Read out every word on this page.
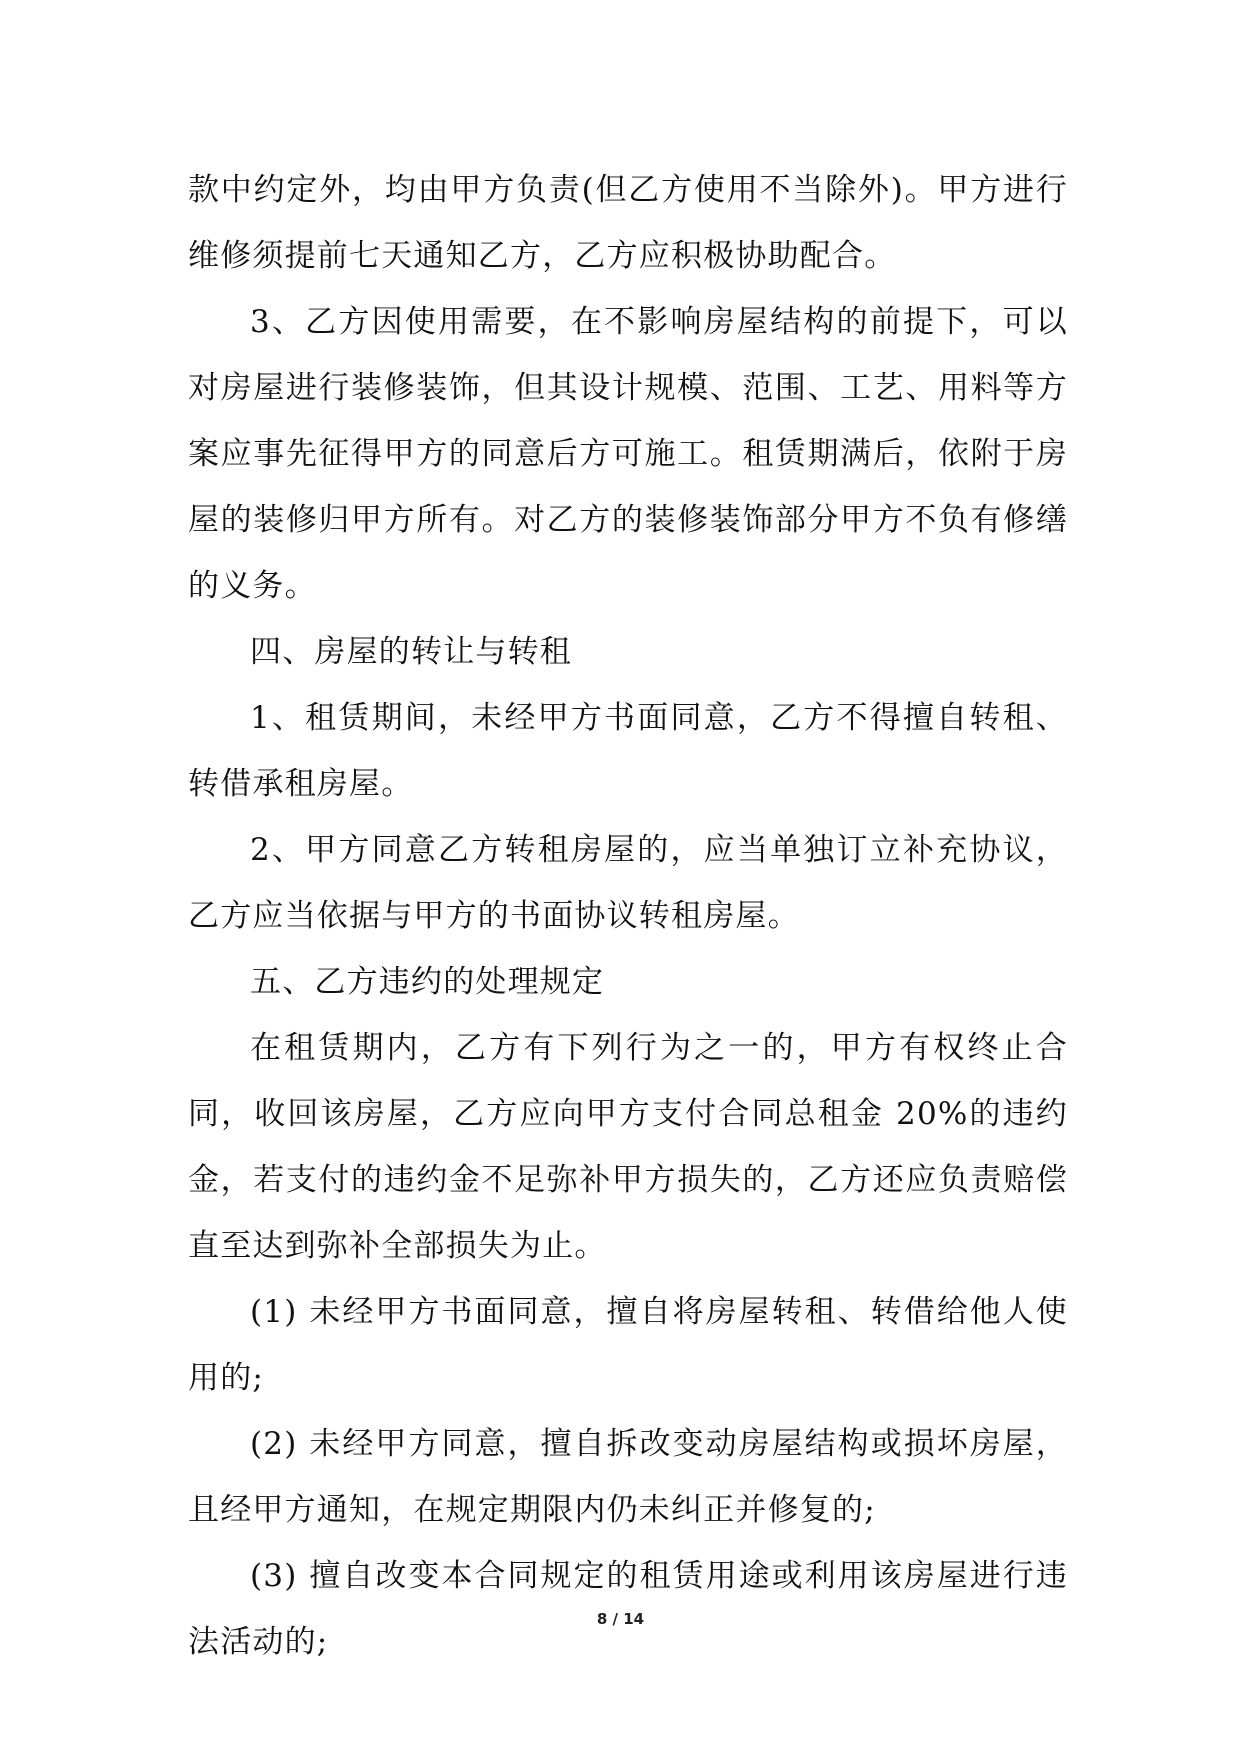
款中约定外，均由甲方负责(但乙方使用不当除外)。甲方进行维修须提前七天通知乙方，乙方应积极协助配合。

3、乙方因使用需要，在不影响房屋结构的前提下，可以对房屋进行装修装饰，但其设计规模、范围、工艺、用料等方案应事先征得甲方的同意后方可施工。租赁期满后，依附于房屋的装修归甲方所有。对乙方的装修装饰部分甲方不负有修缮的义务。

四、房屋的转让与转租

1、租赁期间，未经甲方书面同意，乙方不得擅自转租、转借承租房屋。

2、甲方同意乙方转租房屋的，应当单独订立补充协议，乙方应当依据与甲方的书面协议转租房屋。

五、乙方违约的处理规定

在租赁期内，乙方有下列行为之一的，甲方有权终止合同，收回该房屋，乙方应向甲方支付合同总租金 20%的违约金，若支付的违约金不足弥补甲方损失的，乙方还应负责赔偿直至达到弥补全部损失为止。

(1) 未经甲方书面同意，擅自将房屋转租、转借给他人使用的;

(2) 未经甲方同意，擅自拆改变动房屋结构或损坏房屋，且经甲方通知，在规定期限内仍未纠正并修复的;

(3) 擅自改变本合同规定的租赁用途或利用该房屋进行违法活动的;

8 / 14
